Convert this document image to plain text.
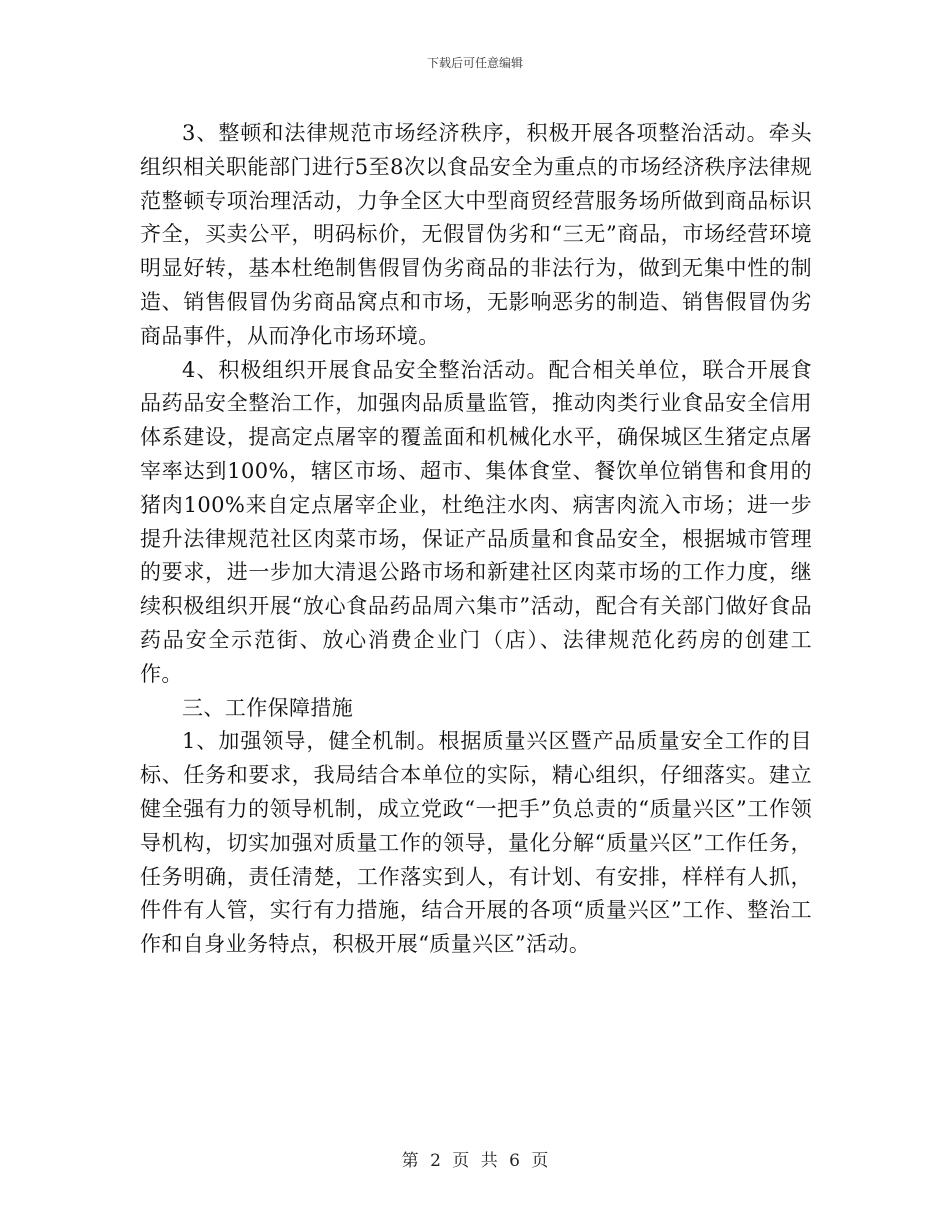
下载后可任意编辑

3、整顿和法律规范市场经济秩序，积极开展各项整治活动。牵头组织相关职能部门进行5至8次以食品安全为重点的市场经济秩序法律规范整顿专项治理活动，力争全区大中型商贸经营服务场所做到商品标识齐全，买卖公平，明码标价，无假冒伪劣和“三无”商品，市场经营环境明显好转，基本杜绝制售假冒伪劣商品的非法行为，做到无集中性的制造、销售假冒伪劣商品窝点和市场，无影响恶劣的制造、销售假冒伪劣商品事件，从而净化市场环境。

4、积极组织开展食品安全整治活动。配合相关单位，联合开展食品药品安全整治工作，加强肉品质量监管，推动肉类行业食品安全信用体系建设，提高定点屠宰的覆盖面和机械化水平，确保城区生猪定点屠宰率达到100%，辖区市场、超市、集体食堂、餐饮单位销售和食用的猪肉100%来自定点屠宰企业，杜绝注水肉、病害肉流入市场；进一步提升法律规范社区肉菜市场，保证产品质量和食品安全，根据城市管理的要求，进一步加大清退公路市场和新建社区肉菜市场的工作力度，继续积极组织开展“放心食品药品周六集市”活动，配合有关部门做好食品药品安全示范街、放心消费企业门（店）、法律规范化药房的创建工作。

三、工作保障措施

1、加强领导，健全机制。根据质量兴区暨产品质量安全工作的目标、任务和要求，我局结合本单位的实际，精心组织，仔细落实。建立健全强有力的领导机制，成立党政“一把手”负总责的“质量兴区”工作领导机构，切实加强对质量工作的领导，量化分解“质量兴区”工作任务，任务明确，责任清楚，工作落实到人，有计划、有安排，样样有人抓，件件有人管，实行有力措施，结合开展的各项“质量兴区”工作、整治工作和自身业务特点，积极开展“质量兴区”活动。

第 2 页 共 6 页
